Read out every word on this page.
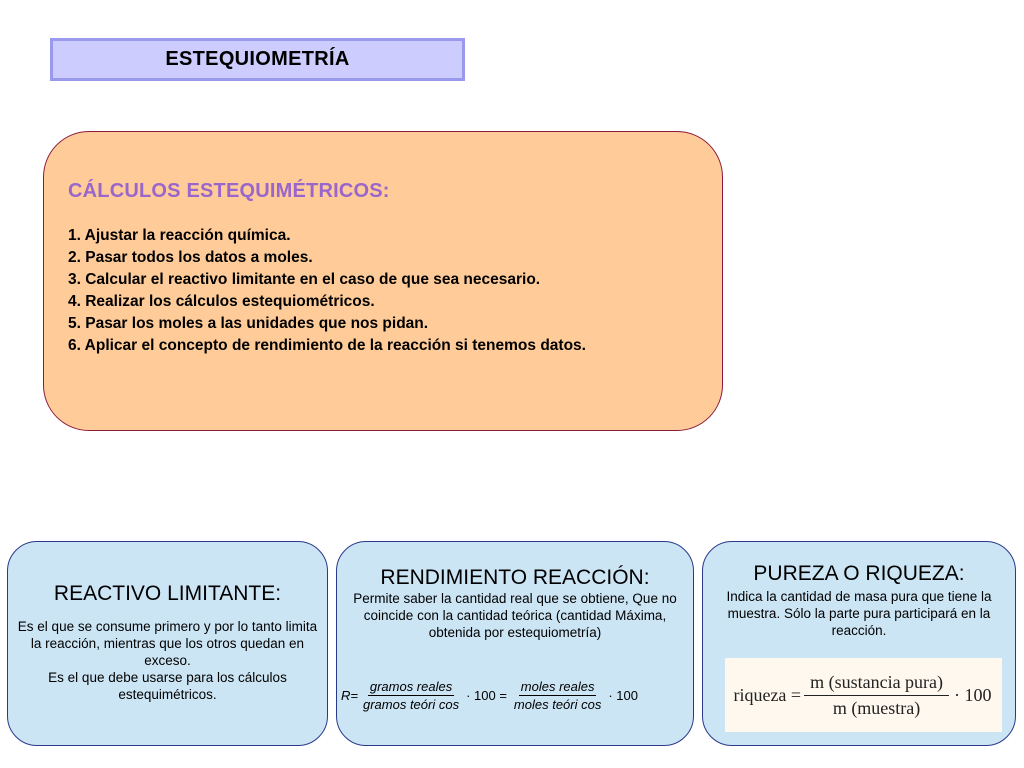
ESTEQUIOMETRÍA
CÁLCULOS ESTEQUIMÉTRICOS:
1. Ajustar la reacción química.
2. Pasar todos los datos a moles.
3. Calcular el reactivo limitante en el caso de que sea necesario.
4. Realizar los cálculos estequiométricos.
5. Pasar los moles a las unidades que nos pidan.
6. Aplicar el concepto de rendimiento de la reacción si tenemos datos.
REACTIVO LIMITANTE:
Es el que se consume primero y por lo tanto limita la reacción, mientras que los otros quedan en exceso.
Es el que debe usarse para los cálculos estequimétricos.
RENDIMIENTO REACCIÓN:
Permite saber la cantidad real que se obtiene, Que no coincide con la cantidad teórica (cantidad Máxima, obtenida por estequiometría)
$R= \frac{\text{gramos reales}}{\text{gramos teóri cos}} \cdot 100 = \frac{\text{moles reales}}{\text{moles teóri cos}} \cdot 100$
PUREZA O RIQUEZA:
Indica la cantidad de masa pura que tiene la muestra. Sólo la parte pura participará en la reacción.
riqueza = $\frac{\text{m (sustancia pura)}}{\text{m (muestra)}} \cdot 100$
